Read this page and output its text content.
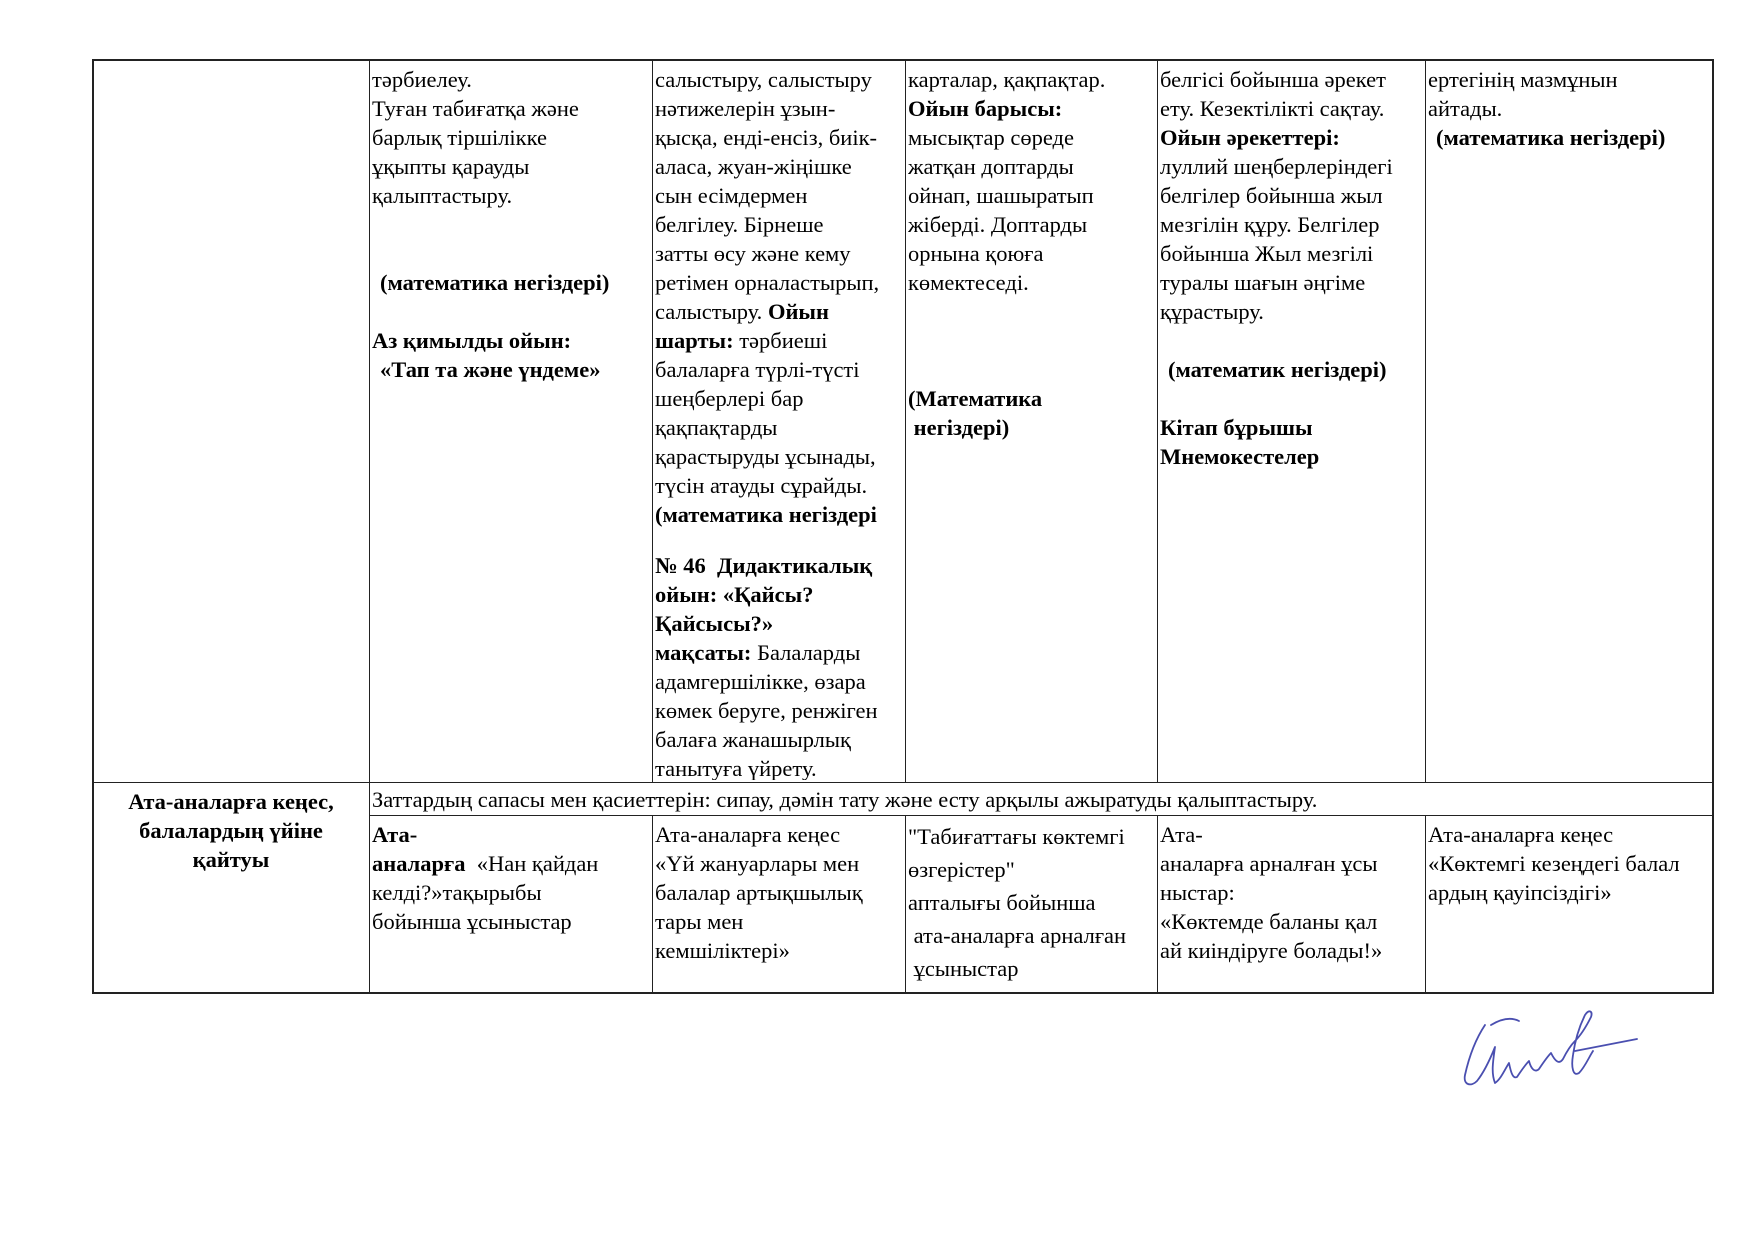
тәрбиелеу.
Туған табиғатқа және
барлық тіршілікке
ұқыпты қарауды
қалыптастыру.
(математика негіздері)
Аз қимылды ойын:
«Тап та және үндеме»
салыстыру, салыстыру
нәтижелерін ұзын-
қысқа, енді-енсіз, биік-
аласа, жуан-жіңішке
сын есімдермен
белгілеу. Бірнеше
затты өсу және кему
ретімен орналастырып,
салыстыру. Ойын
шарты: тәрбиеші
балаларға түрлі-түсті
шеңберлері бар
қақпақтарды
қарастыруды ұсынады,
түсін атауды сұрайды.
(математика негіздері
№ 46  Дидактикалық
ойын: «Қайсы?
Қайсысы?»
мақсаты: Балаларды
адамгершілікке, өзара
көмек беруге, ренжіген
балаға жанашырлық
танытуға үйрету.
карталар, қақпақтар.
Ойын барысы:
мысықтар сөреде
жатқан доптарды
ойнап, шашыратып
жіберді. Доптарды
орнына қоюға
көмектеседі.
(Математика
негіздері)
белгісі бойынша әрекет
ету. Кезектілікті сақтау.
Ойын әрекеттері:
луллий шеңберлеріндегі
белгілер бойынша жыл
мезгілін құру. Белгілер
бойынша Жыл мезгілі
туралы шағын әңгіме
құрастыру.
(математик негіздері)
Кітап бұрышы
Мнемокестелер
ертегінің мазмұнын
айтады.
(математика негіздері)
Ата-аналарға кеңес,
балалардың үйіне
қайтуы
Заттардың сапасы мен қасиеттерін: сипау, дәмін тату және есту арқылы ажыратуды қалыптастыру.
Ата-
аналарға  «Нан қайдан
келді?»тақырыбы
бойынша ұсыныстар
Ата-аналарға кеңес
«Үй жануарлары мен
балалар артықшылық
тары мен
кемшіліктері»
"Табиғаттағы көктемгі
өзгерістер"
апталығы бойынша
ата-аналарға арналған
ұсыныстар
Ата-
аналарға арналған ұсы
ныстар:
«Көктемде баланы қал
ай киіндіруге болады!»
Ата-аналарға кеңес
«Көктемгі кезеңдегі балал
ардың қауіпсіздігі»
